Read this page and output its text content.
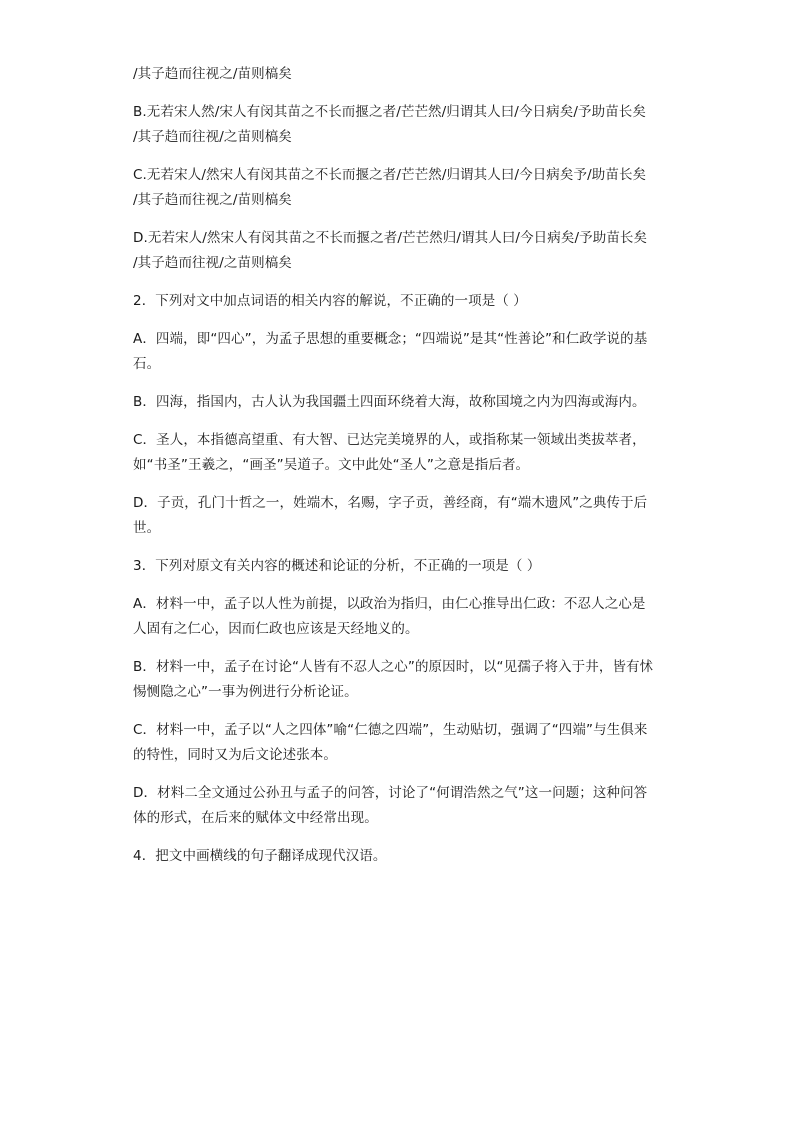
/其子趋而往视之/苗则槁矣

B.无若宋人然/宋人有闵其苗之不长而揠之者/芒芒然/归谓其人曰/今日病矣/予助苗长矣
/其子趋而往视/之苗则槁矣

C.无若宋人/然宋人有闵其苗之不长而揠之者/芒芒然/归谓其人曰/今日病矣予/助苗长矣
/其子趋而往视之/苗则槁矣

D.无若宋人/然宋人有闵其苗之不长而揠之者/芒芒然归/谓其人曰/今日病矣/予助苗长矣
/其子趋而往视/之苗则槁矣

2．下列对文中加点词语的相关内容的解说，不正确的一项是（ ）

A．四端，即“四心”，为孟子思想的重要概念；“四端说”是其“性善论”和仁政学说的基
石。

B．四海，指国内，古人认为我国疆土四面环绕着大海，故称国境之内为四海或海内。

C．圣人，本指德高望重、有大智、已达完美境界的人，或指称某一领域出类拔萃者，
如“书圣”王羲之，“画圣”吴道子。文中此处“圣人”之意是指后者。

D．子贡，孔门十哲之一，姓端木，名赐，字子贡，善经商，有“端木遗风”之典传于后
世。

3．下列对原文有关内容的概述和论证的分析，不正确的一项是（ ）

A．材料一中，孟子以人性为前提，以政治为指归，由仁心推导出仁政：不忍人之心是
人固有之仁心，因而仁政也应该是天经地义的。

B．材料一中，孟子在讨论“人皆有不忍人之心”的原因时，以“见孺子将入于井，皆有怵
惕恻隐之心”一事为例进行分析论证。

C．材料一中，孟子以“人之四体”喻“仁德之四端”，生动贴切，强调了“四端”与生俱来
的特性，同时又为后文论述张本。

D．材料二全文通过公孙丑与孟子的问答，讨论了“何谓浩然之气”这一问题；这种问答
体的形式，在后来的赋体文中经常出现。

4．把文中画横线的句子翻译成现代汉语。
